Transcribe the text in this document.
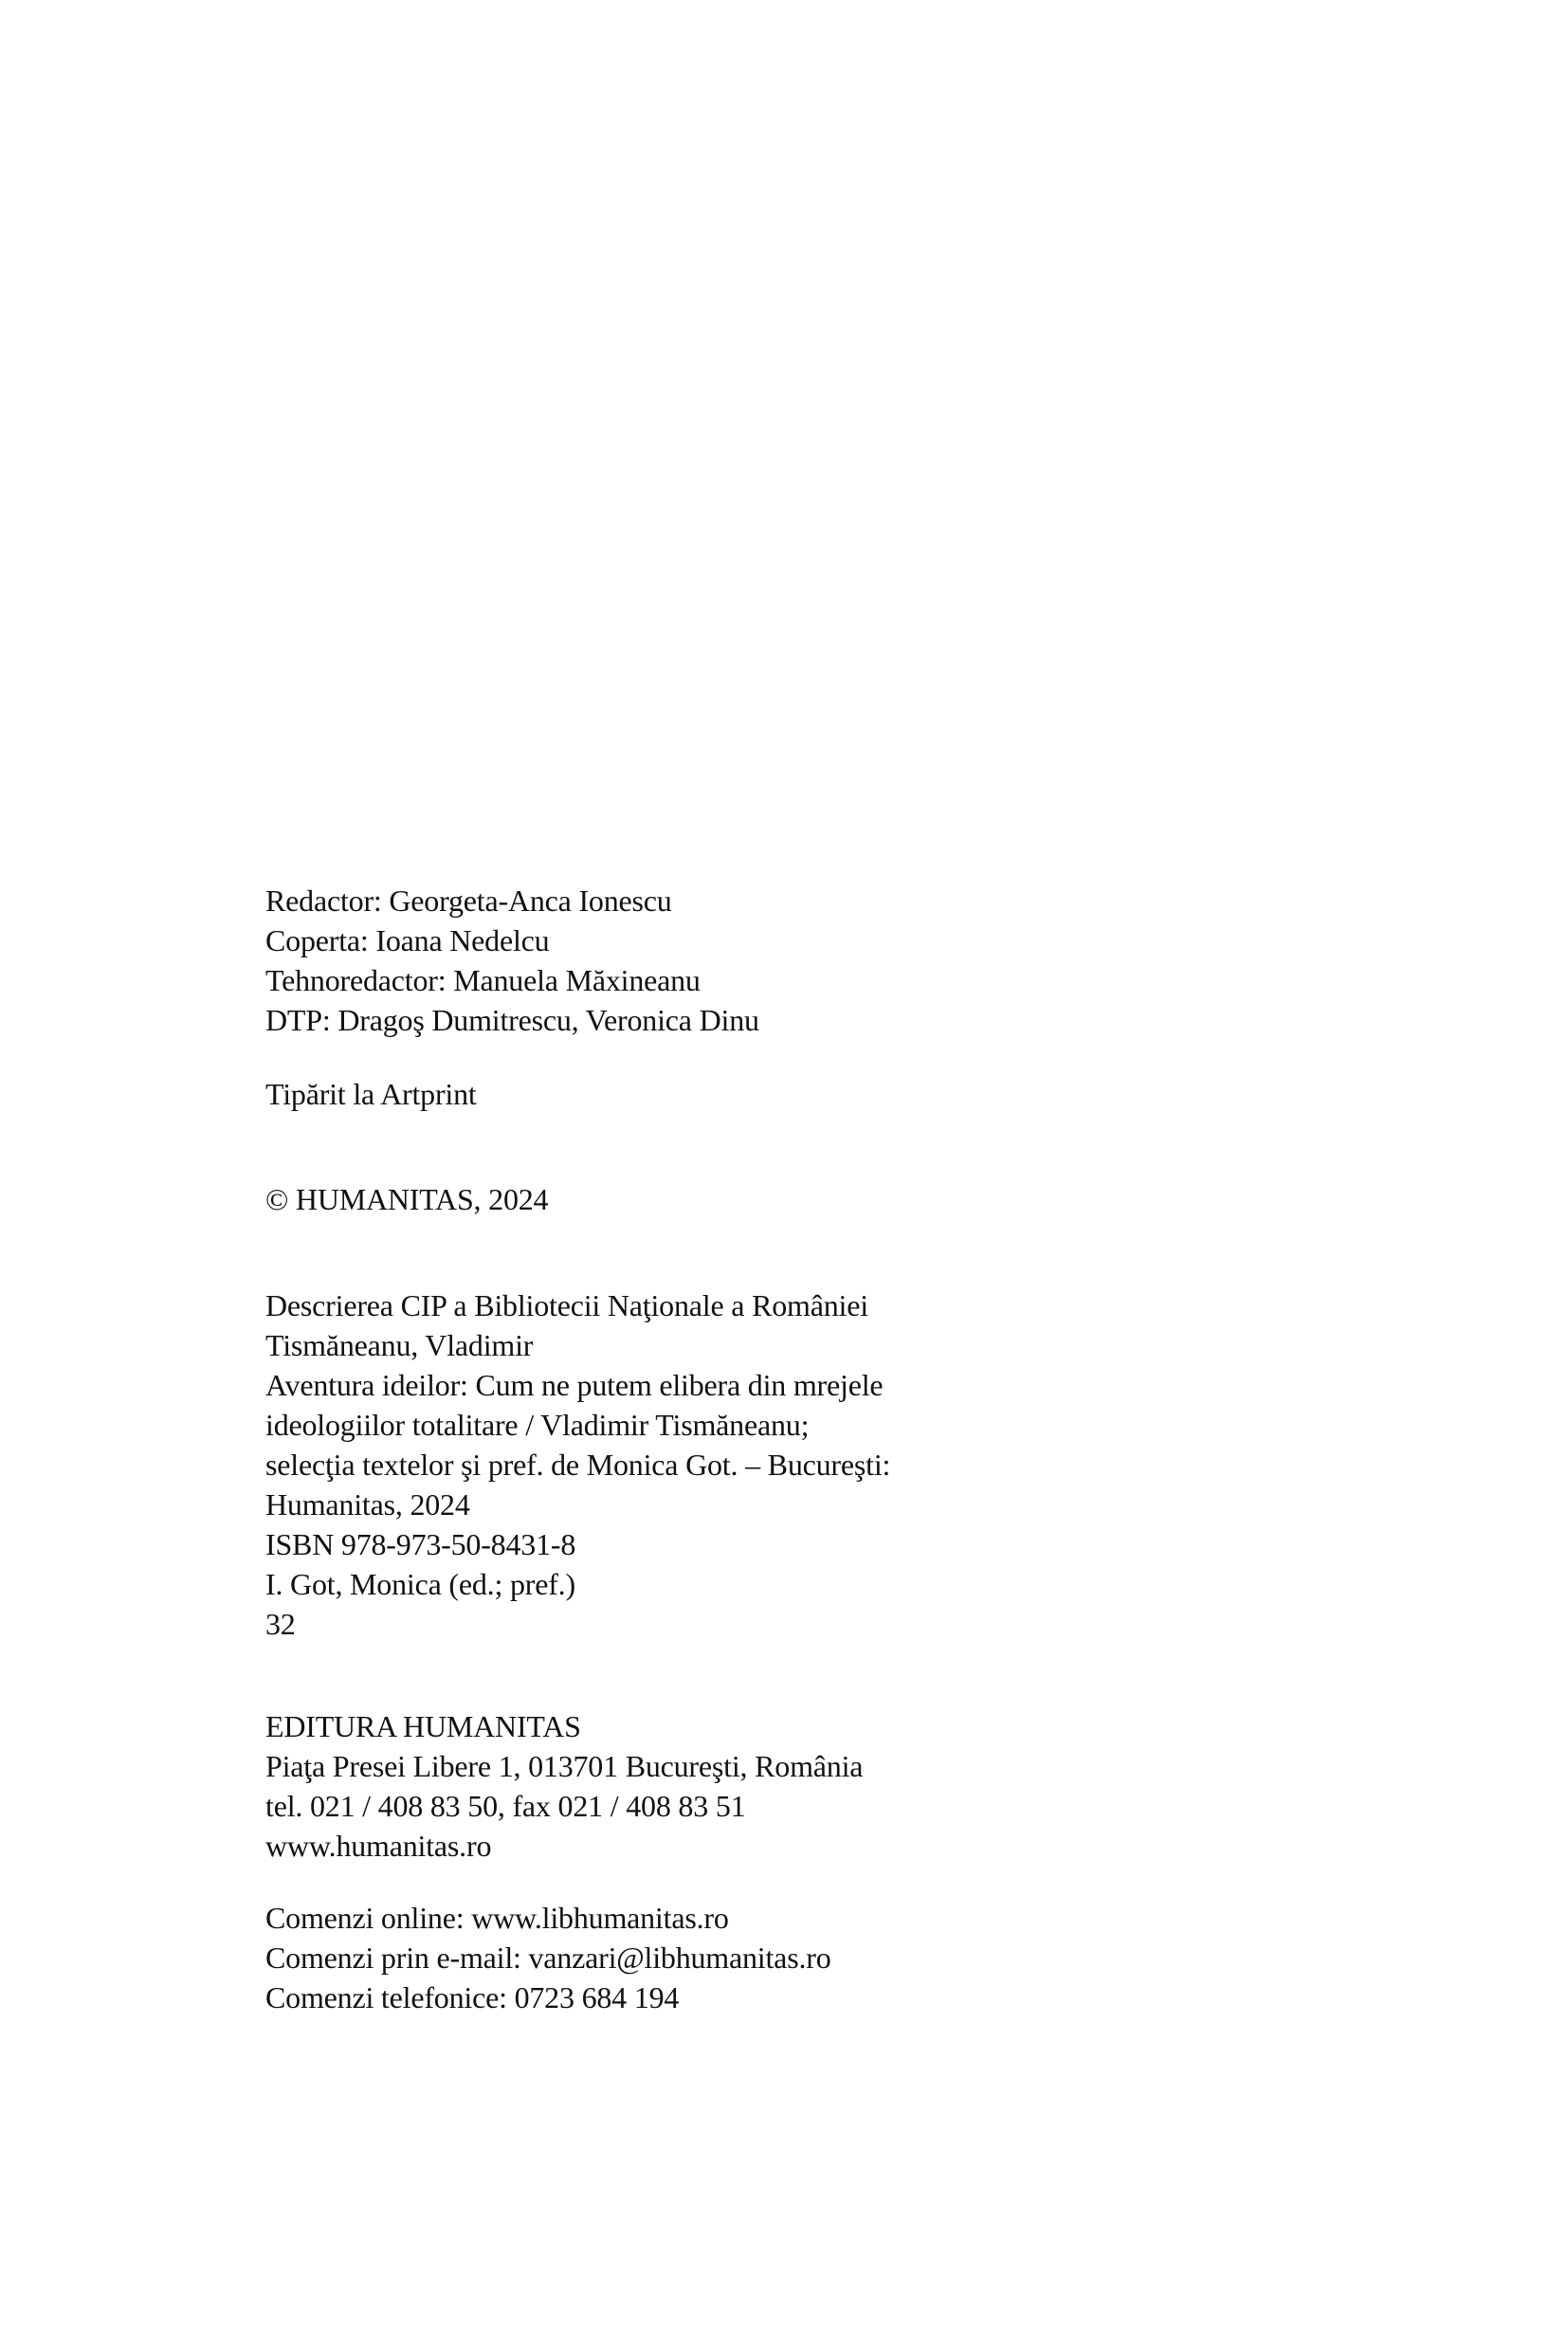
Redactor: Georgeta-Anca Ionescu
Coperta: Ioana Nedelcu
Tehnoredactor: Manuela Măxineanu
DTP: Dragoş Dumitrescu, Veronica Dinu
Tipărit la Artprint
© HUMANITAS, 2024
Descrierea CIP a Bibliotecii Naţionale a României
Tismăneanu, Vladimir
Aventura ideilor: Cum ne putem elibera din mrejele
ideologiilor totalitare / Vladimir Tismăneanu;
selecţia textelor şi pref. de Monica Got. – Bucureşti:
Humanitas, 2024
ISBN 978-973-50-8431-8
I. Got, Monica (ed.; pref.)
32
EDITURA HUMANITAS
Piaţa Presei Libere 1, 013701 Bucureşti, România
tel. 021 / 408 83 50, fax 021 / 408 83 51
www.humanitas.ro
Comenzi online: www.libhumanitas.ro
Comenzi prin e-mail: vanzari@libhumanitas.ro
Comenzi telefonice: 0723 684 194
